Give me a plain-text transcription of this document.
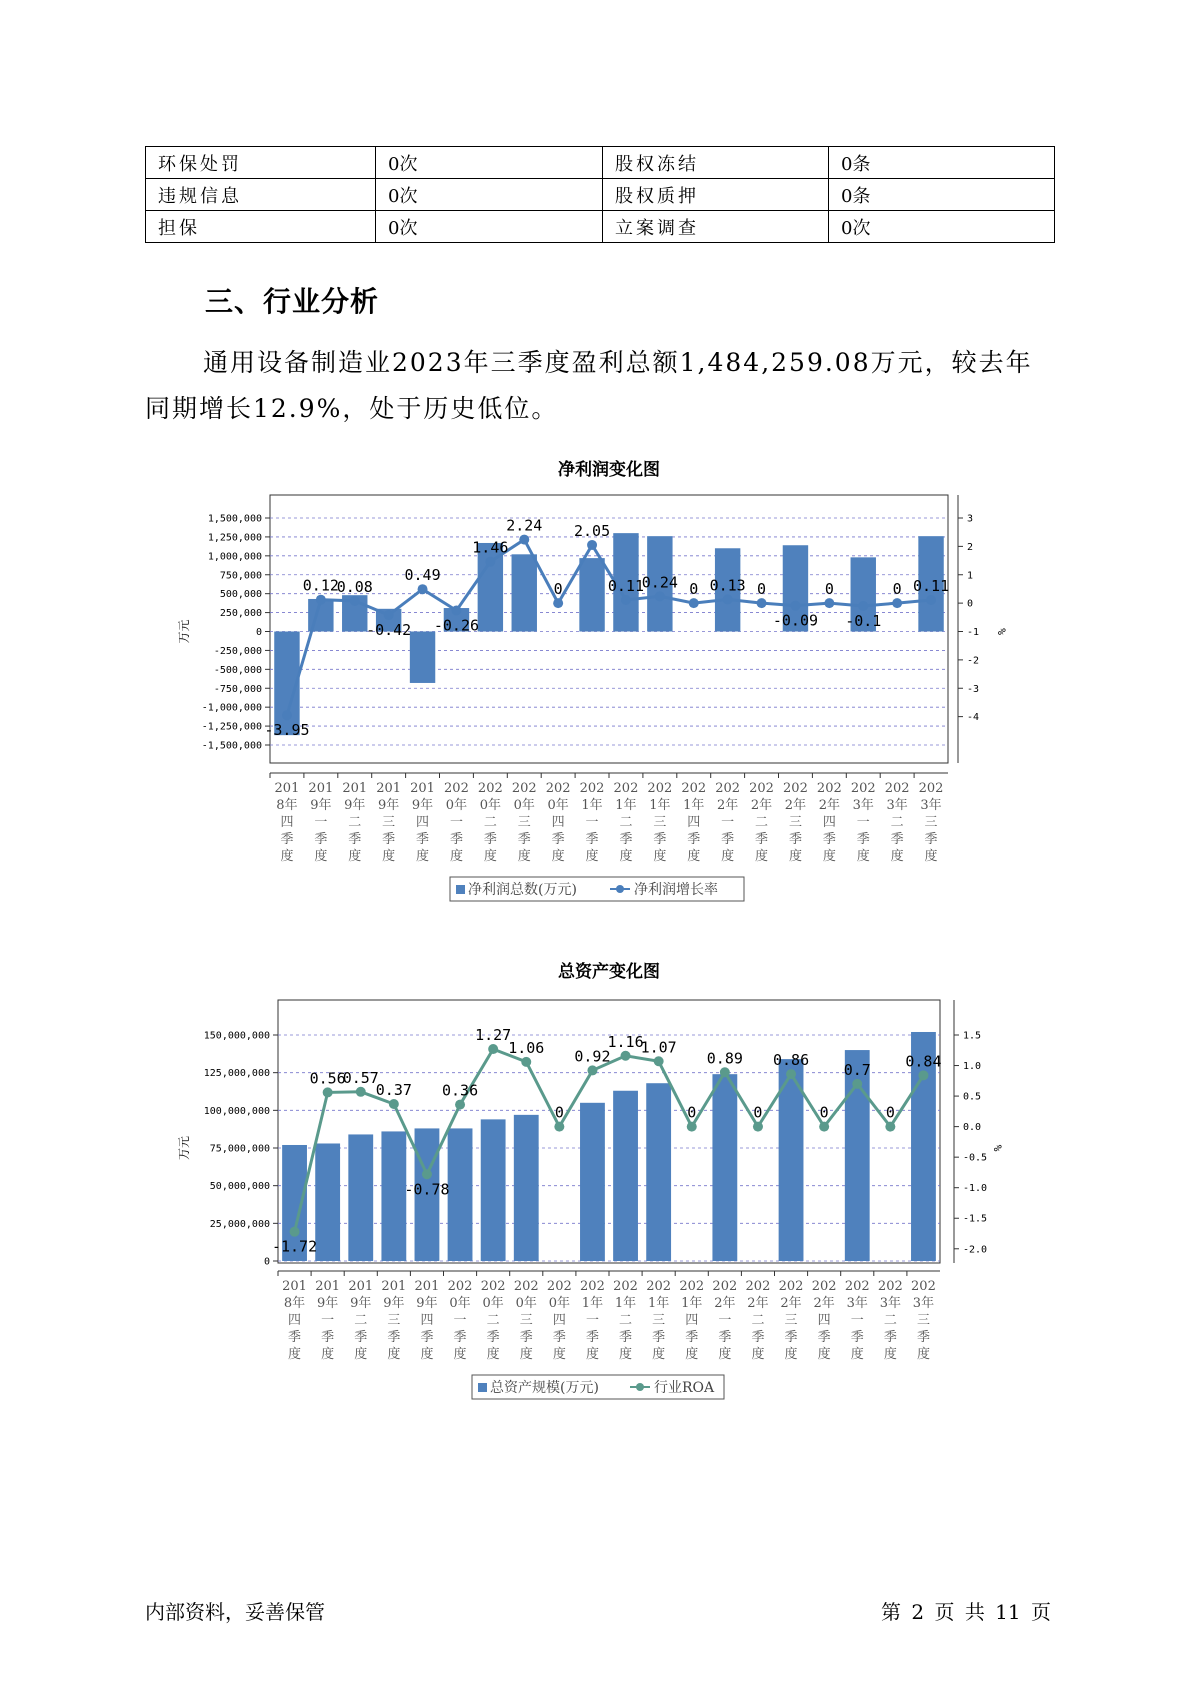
环保处罚	0次	股权冻结	0条
违规信息	0次	股权质押	0条
担保	0次	立案调查	0次
三、行业分析

通用设备制造业2023年三季度盈利总额1,484,259.08万元，较去年同期增长12.9%，处于历史低位。

净利润变化图
1,500,000
1,250,000
1,000,000
750,000
500,000
250,000
0
-250,000
-500,000
-750,000
-1,000,000
-1,250,000
-1,500,000
万元
3
2
1
0
-1
-2
-3
-4
%
201
8年
四
季
度
201
9年
一
季
度
201
9年
二
季
度
201
9年
三
季
度
201
9年
四
季
度
202
0年
一
季
度
202
0年
二
季
度
202
0年
三
季
度
202
0年
四
季
度
202
1年
一
季
度
202
1年
二
季
度
202
1年
三
季
度
202
1年
四
季
度
202
2年
一
季
度
202
2年
二
季
度
202
2年
三
季
度
202
2年
四
季
度
202
3年
一
季
度
202
3年
二
季
度
202
3年
三
季
度
-3.95
0.12
0.08
-0.42
0.49
-0.26
1.46
2.24
0
2.05
0.11
0.24 0 0.13 0
-0.09
0
-0.1
0 0.11
净利润总数(万元)	净利润增长率
总资产变化图
150,000,000
125,000,000
100,000,000
75,000,000
50,000,000
25,000,000
0
万元
1.5
1.0
0.5
0.0
-0.5
-1.0
-1.5
-2.0
%
201
8年
四
季
度
201
9年
一
季
度
201
9年
二
季
度
201
9年
三
季
度
201
9年
四
季
度
202
0年
一
季
度
202
0年
二
季
度
202
0年
三
季
度
202
0年
四
季
度
202
1年
一
季
度
202
1年
二
季
度
202
1年
三
季
度
202
1年
四
季
度
202
2年
一
季
度
202
2年
二
季
度
202
2年
三
季
度
202
2年
四
季
度
202
3年
一
季
度
202
3年
二
季
度
202
3年
三
季
度
-1.72
0.56
0.57
0.37
-0.78
0.36
1.27
1.06
0
0.92
1.16
1.07
0
0.89
0
0.86
0
0.7
0
0.84
总资产规模(万元)	行业ROA
内部资料，妥善保管	第 2 页 共 11 页
